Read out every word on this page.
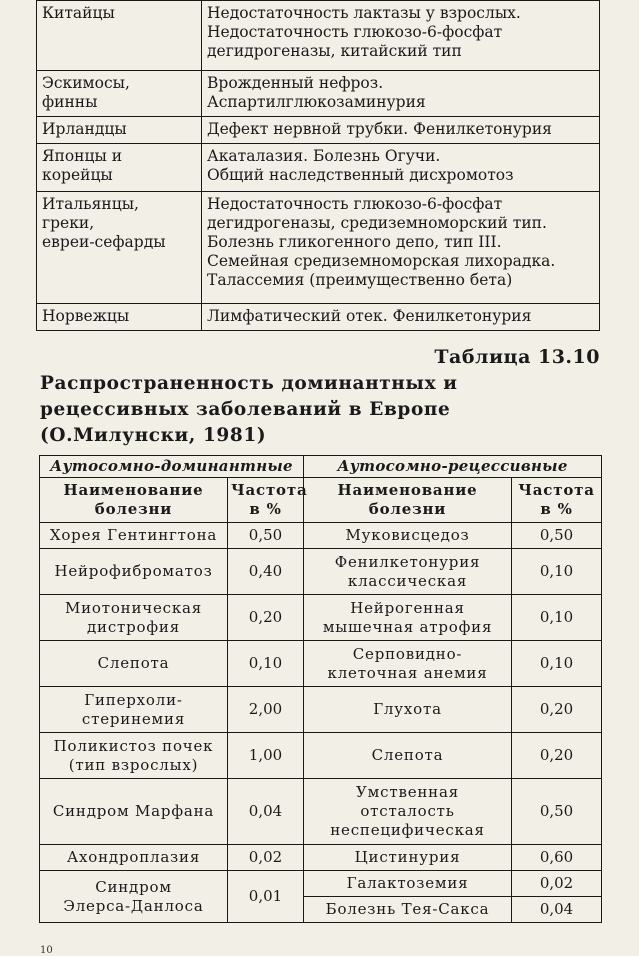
Китайцы	Недостаточность лактазы у взрослых.
Недостаточность глюкозо-6-фосфат
дегидрогеназы, китайский тип

Эскимосы,
финны	Врожденный нефроз.
Аспартилглюкозаминурия

Ирландцы	Дефект нервной трубки. Фенилкетонурия

Японцы и
корейцы	Акаталазия. Болезнь Огучи.
Общий наследственный дисхромотоз

Итальянцы,
греки,
евреи-сефарды	Недостаточность глюкозо-6-фосфат
дегидрогеназы, средиземноморский тип.
Болезнь гликогенного депо, тип III.
Семейная средиземноморская лихорадка.
Талассемия (преимущественно бета)

Норвежцы	Лимфатический отек. Фенилкетонурия
Таблица 13.10
Распространенность доминантных и
рецессивных заболеваний в Европе
(О.Милунски, 1981)
Аутосомно-доминантные		Аутосомно-рецессивные	

Наименование
болезни	Частота
в %	Наименование
болезни	Частота
в %

Хорея Гентингтона	0,50	Муковисцедоз	0,50
Нейрофиброматоз	0,40	Фенилкетонурия
классическая	0,10

Миотоническая
дистрофия	0,20	Нейрогенная
мышечная атрофия	0,10
Слепота	0,10	Серповидно-
клеточная анемия	0,10

Гиперхоли-
стеринемия	2,00	Глухота	0,20

Поликистоз почек
(тип взрослых)	1,00	Слепота	0,20
Синдром Марфана	0,04	Умственная
отсталость
неспецифическая	0,50
Ахондроплазия	0,02	Цистинурия	0,60

Синдром
Элерса-Данлоса	0,01	Галактоземия	0,02
		Болезнь Тея-Сакса	0,04
10
